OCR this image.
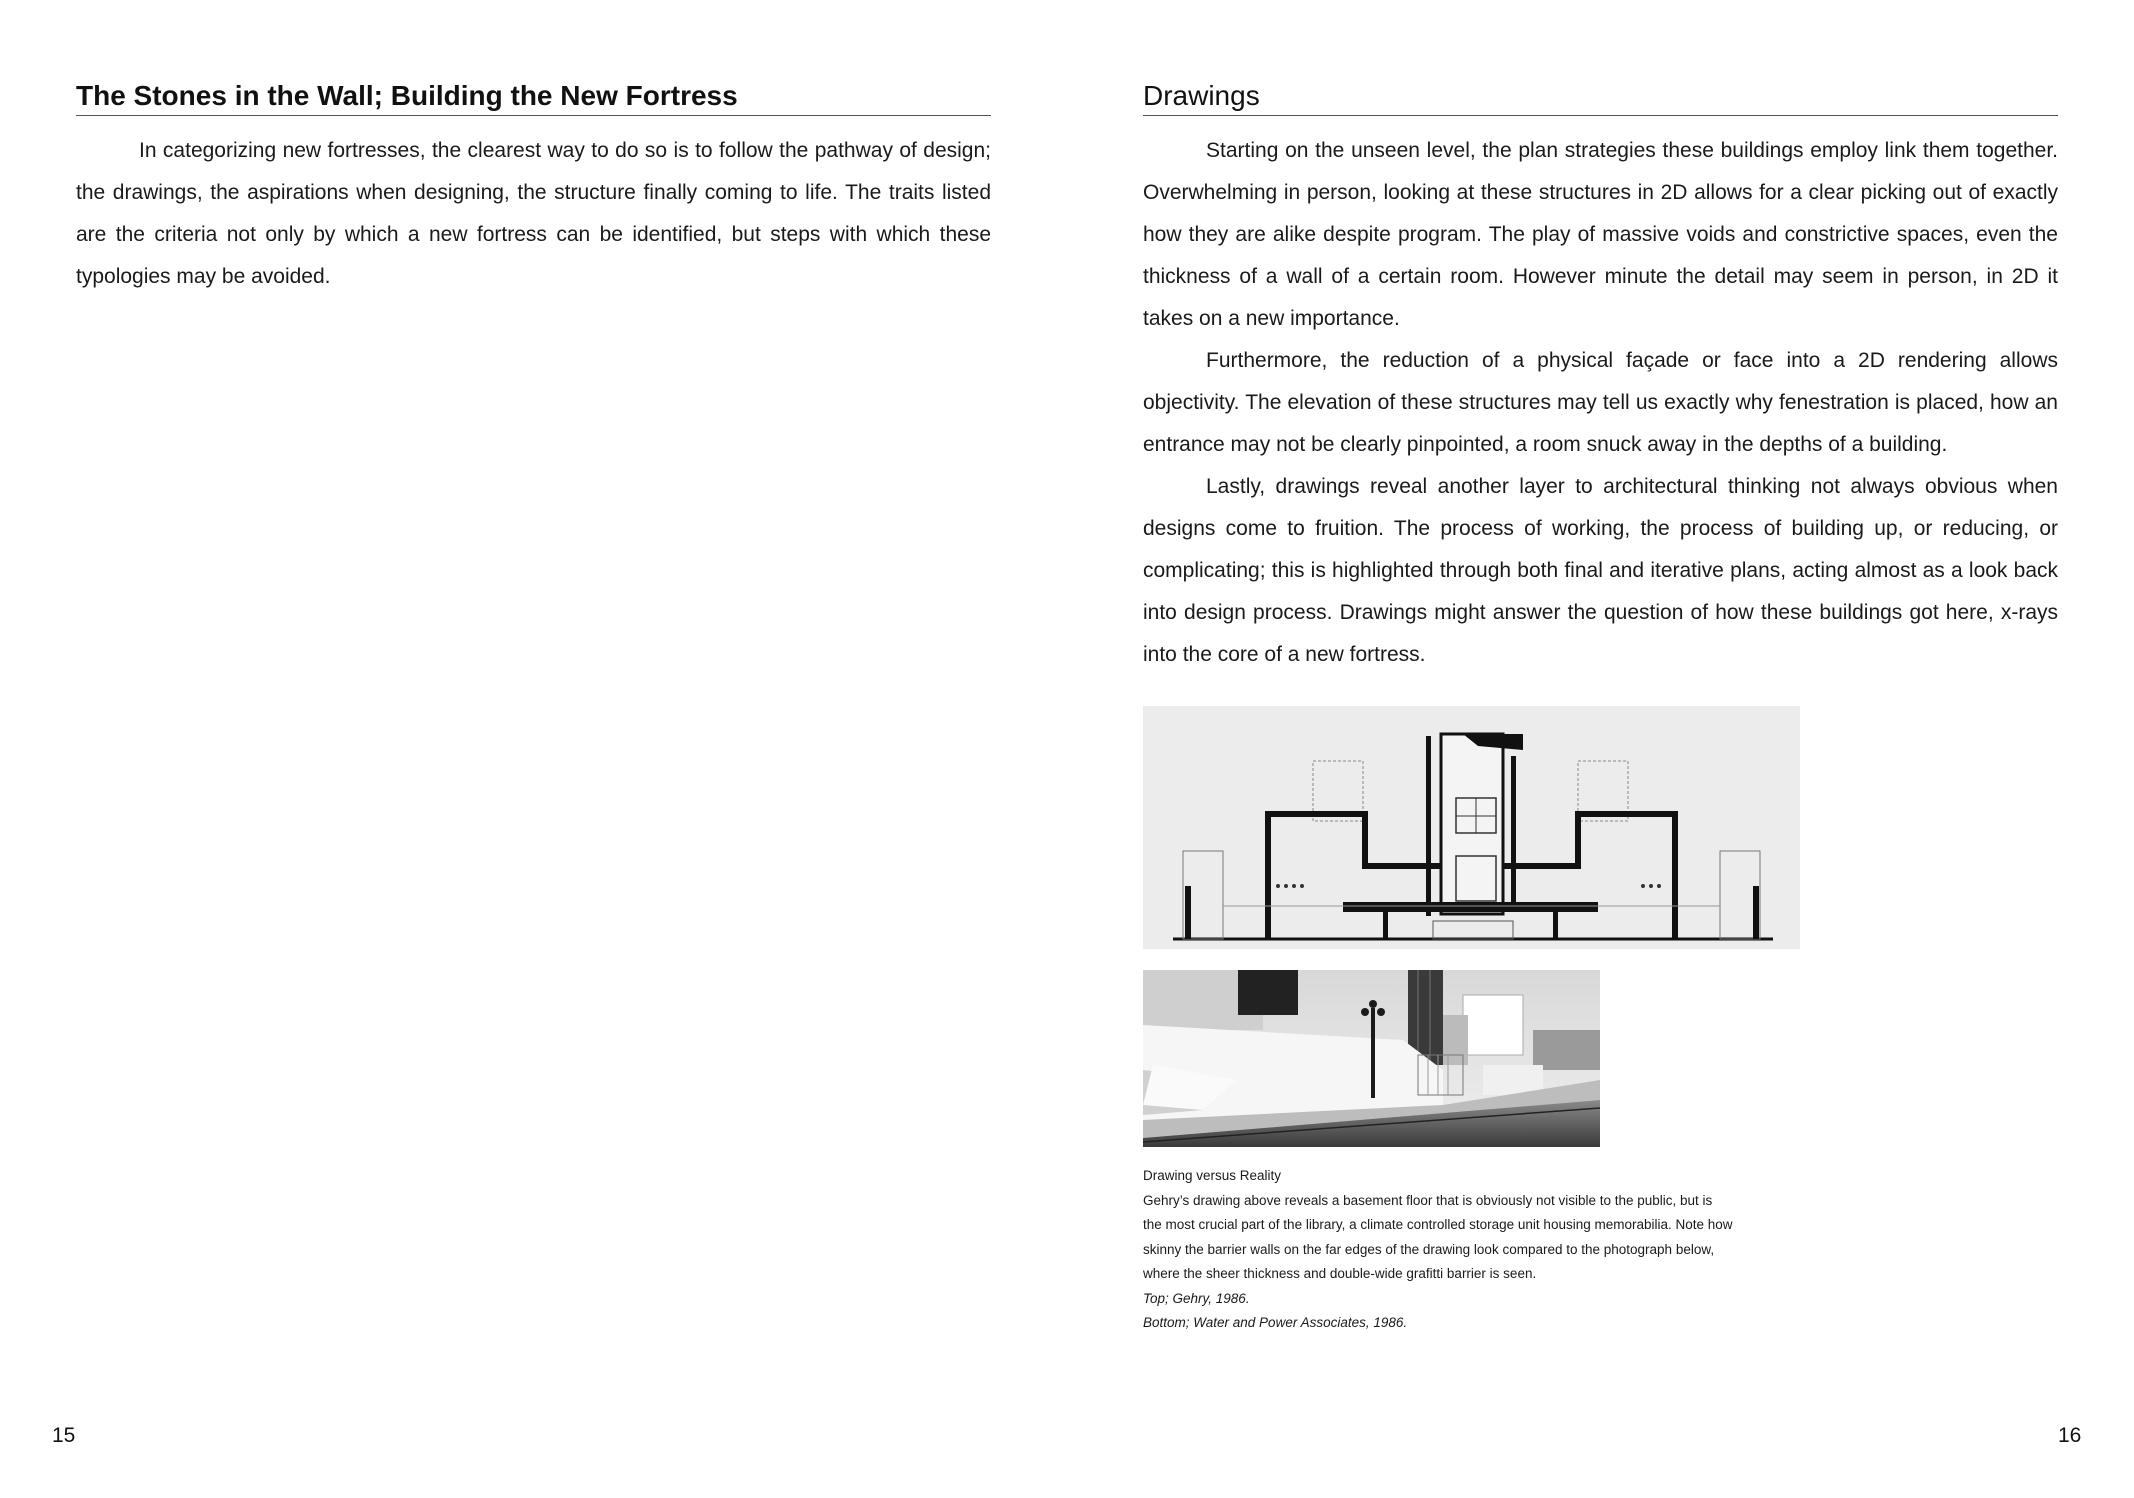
The Stones in the Wall; Building the New Fortress

In categorizing new fortresses, the clearest way to do so is to follow the pathway of design; the drawings, the aspirations when designing, the structure finally coming to life. The traits listed are the criteria not only by which a new fortress can be identified, but steps with which these typologies may be avoided.

15
Drawings

Starting on the unseen level, the plan strategies these buildings employ link them together. Overwhelming in person, looking at these structures in 2D allows for a clear picking out of exactly how they are alike despite program. The play of massive voids and constrictive spaces, even the thickness of a wall of a certain room. However minute the detail may seem in person, in 2D it takes on a new importance.

Furthermore, the reduction of a physical façade or face into a 2D rendering allows objectivity. The elevation of these structures may tell us exactly why fenestration is placed, how an entrance may not be clearly pinpointed, a room snuck away in the depths of a building.

Lastly, drawings reveal another layer to architectural thinking not always obvious when designs come to fruition. The process of working, the process of building up, or reducing, or complicating; this is highlighted through both final and iterative plans, acting almost as a look back into design process. Drawings might answer the question of how these buildings got here, x-rays into the core of a new fortress.

Drawing versus Reality
Gehry’s drawing above reveals a basement floor that is obviously not visible to the public, but is
the most crucial part of the library, a climate controlled storage unit housing memorabilia. Note how
skinny the barrier walls on the far edges of the drawing look compared to the photograph below,
where the sheer thickness and double-wide grafitti barrier is seen.
Top; Gehry, 1986.
Bottom; Water and Power Associates, 1986.
16
